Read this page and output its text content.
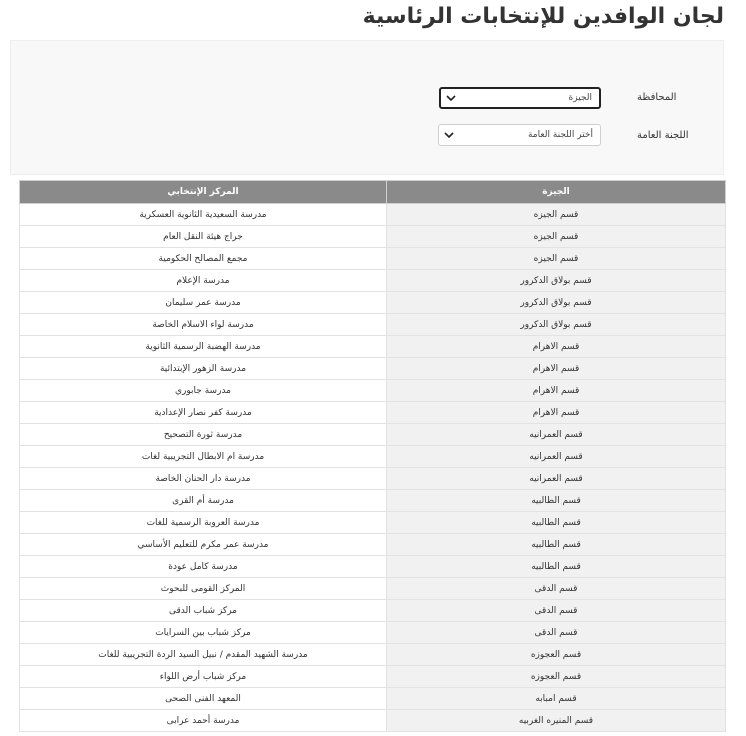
لجان الوافدين للإنتخابات الرئاسية
المحافظة
الجيزة
اللجنة العامة
أختر اللجنة العامة
الجيزة	المركز الإنتخابي
قسم الجيزه	مدرسة السعيدية الثانوية العسكرية
قسم الجيزه	جراج هيئة النقل العام
قسم الجيزه	مجمع المصالح الحكومية
قسم بولاق الدكرور	مدرسة الإعلام
قسم بولاق الدكرور	مدرسة عمر سليمان
قسم بولاق الدكرور	مدرسة لواء الاسلام الخاصة
قسم الاهرام	مدرسة الهضبة الرسمية الثانوية
قسم الاهرام	مدرسة الزهور الإبتدائية
قسم الاهرام	مدرسة جابوري
قسم الاهرام	مدرسة كفر نصار الإعدادية
قسم العمرانيه	مدرسة ثورة التصحيح
قسم العمرانيه	مدرسة ام الابطال التجريبية لغات
قسم العمرانيه	مدرسة دار الحنان الخاصة
قسم الطالبيه	مدرسة أم القرى
قسم الطالبيه	مدرسة العروبة الرسمية للغات
قسم الطالبيه	مدرسة عمر مكرم للتعليم الأساسي
قسم الطالبيه	مدرسة كامل عودة
قسم الدقى	المركز القومى للبحوث
قسم الدقى	مركز شباب الدقى
قسم الدقى	مركز شباب بين السرايات
قسم العجوزه	مدرسة الشهيد المقدم / نبيل السيد الردة التجريبية للغات
قسم العجوزه	مركز شباب أرض اللواء
قسم امبابه	المعهد الفنى الصحى
قسم المنيره الغربيه	مدرسة أحمد عرابى
